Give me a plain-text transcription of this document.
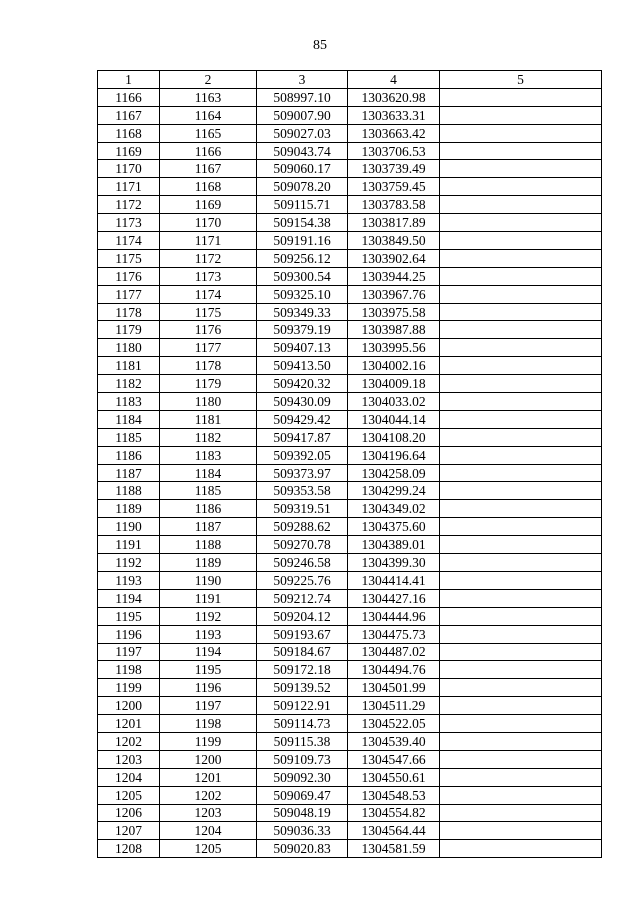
85
1	2	3	4	5
1166	1163	508997.10	1303620.98	
1167	1164	509007.90	1303633.31	
1168	1165	509027.03	1303663.42	
1169	1166	509043.74	1303706.53	
1170	1167	509060.17	1303739.49	
1171	1168	509078.20	1303759.45	
1172	1169	509115.71	1303783.58	
1173	1170	509154.38	1303817.89	
1174	1171	509191.16	1303849.50	
1175	1172	509256.12	1303902.64	
1176	1173	509300.54	1303944.25	
1177	1174	509325.10	1303967.76	
1178	1175	509349.33	1303975.58	
1179	1176	509379.19	1303987.88	
1180	1177	509407.13	1303995.56	
1181	1178	509413.50	1304002.16	
1182	1179	509420.32	1304009.18	
1183	1180	509430.09	1304033.02	
1184	1181	509429.42	1304044.14	
1185	1182	509417.87	1304108.20	
1186	1183	509392.05	1304196.64	
1187	1184	509373.97	1304258.09	
1188	1185	509353.58	1304299.24	
1189	1186	509319.51	1304349.02	
1190	1187	509288.62	1304375.60	
1191	1188	509270.78	1304389.01	
1192	1189	509246.58	1304399.30	
1193	1190	509225.76	1304414.41	
1194	1191	509212.74	1304427.16	
1195	1192	509204.12	1304444.96	
1196	1193	509193.67	1304475.73	
1197	1194	509184.67	1304487.02	
1198	1195	509172.18	1304494.76	
1199	1196	509139.52	1304501.99	
1200	1197	509122.91	1304511.29	
1201	1198	509114.73	1304522.05	
1202	1199	509115.38	1304539.40	
1203	1200	509109.73	1304547.66	
1204	1201	509092.30	1304550.61	
1205	1202	509069.47	1304548.53	
1206	1203	509048.19	1304554.82	
1207	1204	509036.33	1304564.44	
1208	1205	509020.83	1304581.59	
